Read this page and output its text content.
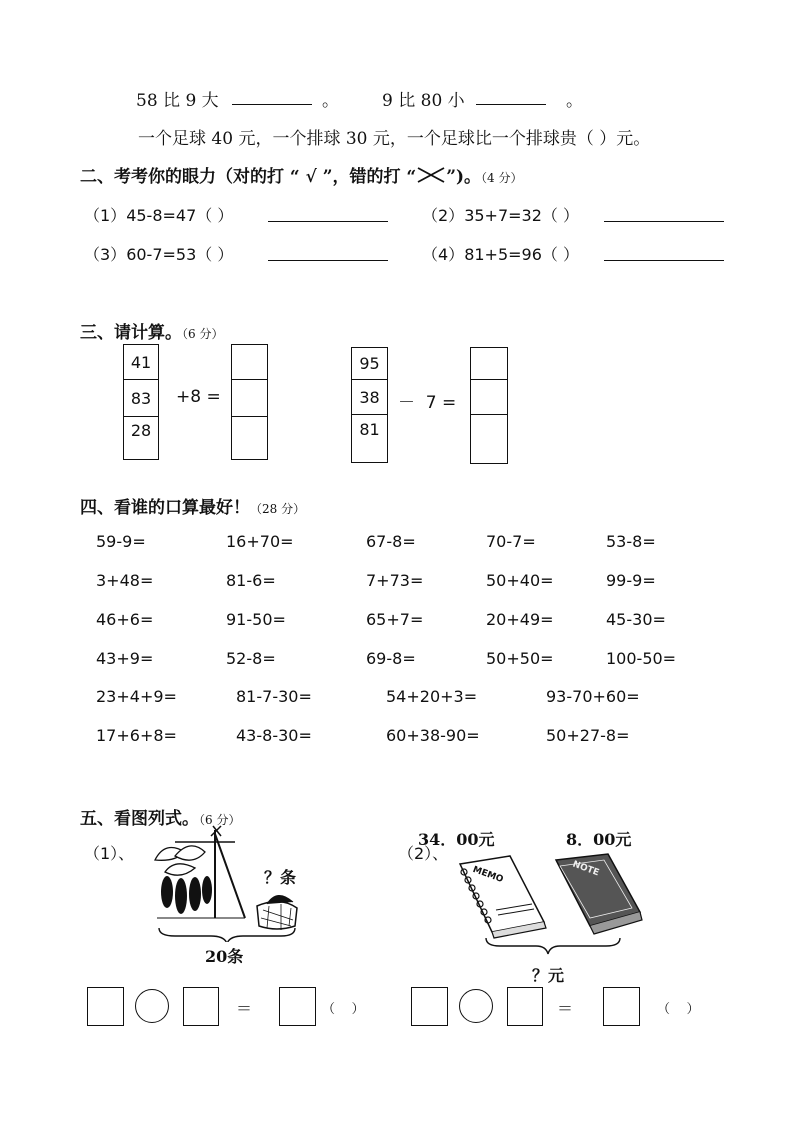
58 比 9 大	。	9 比 80 小	。
一个足球 40 元，一个排球 30 元，一个足球比一个排球贵（ ）元。
二、考考你的眼力（对的打 “ √ ”，错的打 “ ”)。（4 分）
（1）45-8=47（ ）	（2）35+7=32（ ）
（3）60-7=53（ ）	（4）81+5=96（ ）
三、请计算。（6 分）
41
83
28
+8 =
95
38
81
－  7 =
四、看谁的口算最好！（28 分）
59-9=	16+70=	67-8=	70-7=	53-8=
3+48=	81-6=	7+73=	50+40=	99-9=
46+6=	91-50=	65+7=	20+49=	45-30=
43+9=	52-8=	69-8=	50+50=	100-50=
23+4+9=	81-7-30=	54+20+3=	93-70+60=
17+6+8=	43-8-30=	60+38-90=	50+27-8=
五、看图列式。（6 分）
（1）、
？条
20条
＝	（    ）
（2）、
34．00元	8．00元
MEMO	NOTE
？元
＝	（    ）
